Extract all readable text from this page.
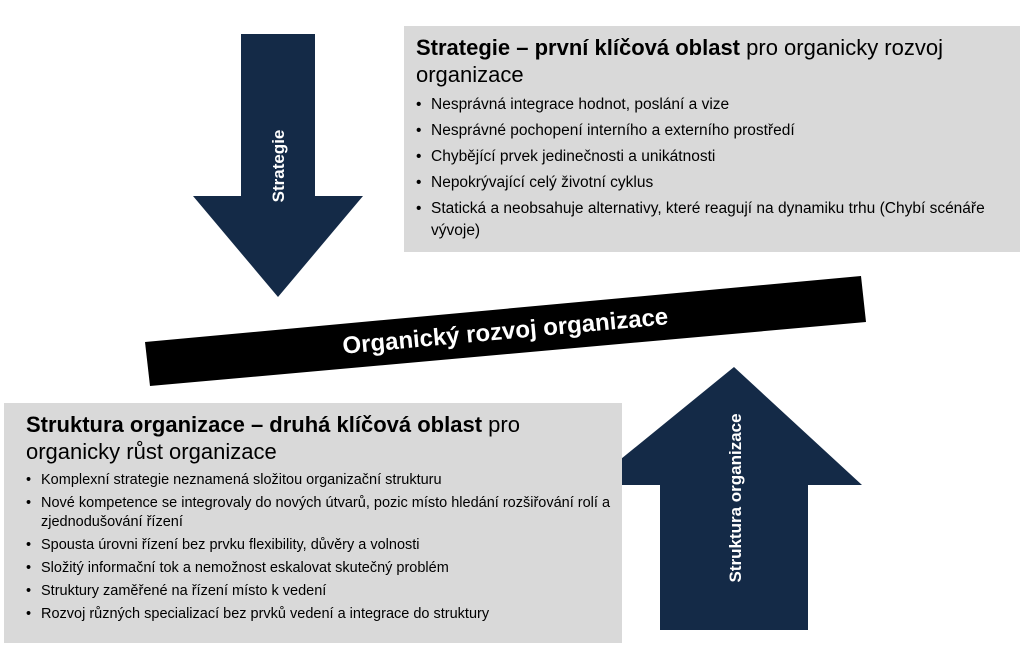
Strategie
Struktura organizace
Organický rozvoj organizace
Strategie – první klíčová oblast pro organicky rozvoj organizace
• Nesprávná integrace hodnot, poslání a vize
• Nesprávné pochopení interního a externího prostředí
• Chybějící prvek jedinečnosti a unikátnosti
• Nepokrývající celý životní cyklus
• Statická a neobsahuje alternativy, které reagují na dynamiku trhu (Chybí scénáře vývoje)
Struktura organizace – druhá klíčová oblast pro organicky růst organizace
• Komplexní strategie neznamená složitou organizační strukturu
• Nové kompetence se integrovaly do nových útvarů, pozic místo hledání rozšiřování rolí a zjednodušování řízení
• Spousta úrovni řízení bez prvku flexibility, důvěry a volnosti
• Složitý informační tok a nemožnost eskalovat skutečný problém
• Struktury zaměřené na řízení místo k vedení
• Rozvoj různých specializací bez prvků vedení a integrace do struktury
